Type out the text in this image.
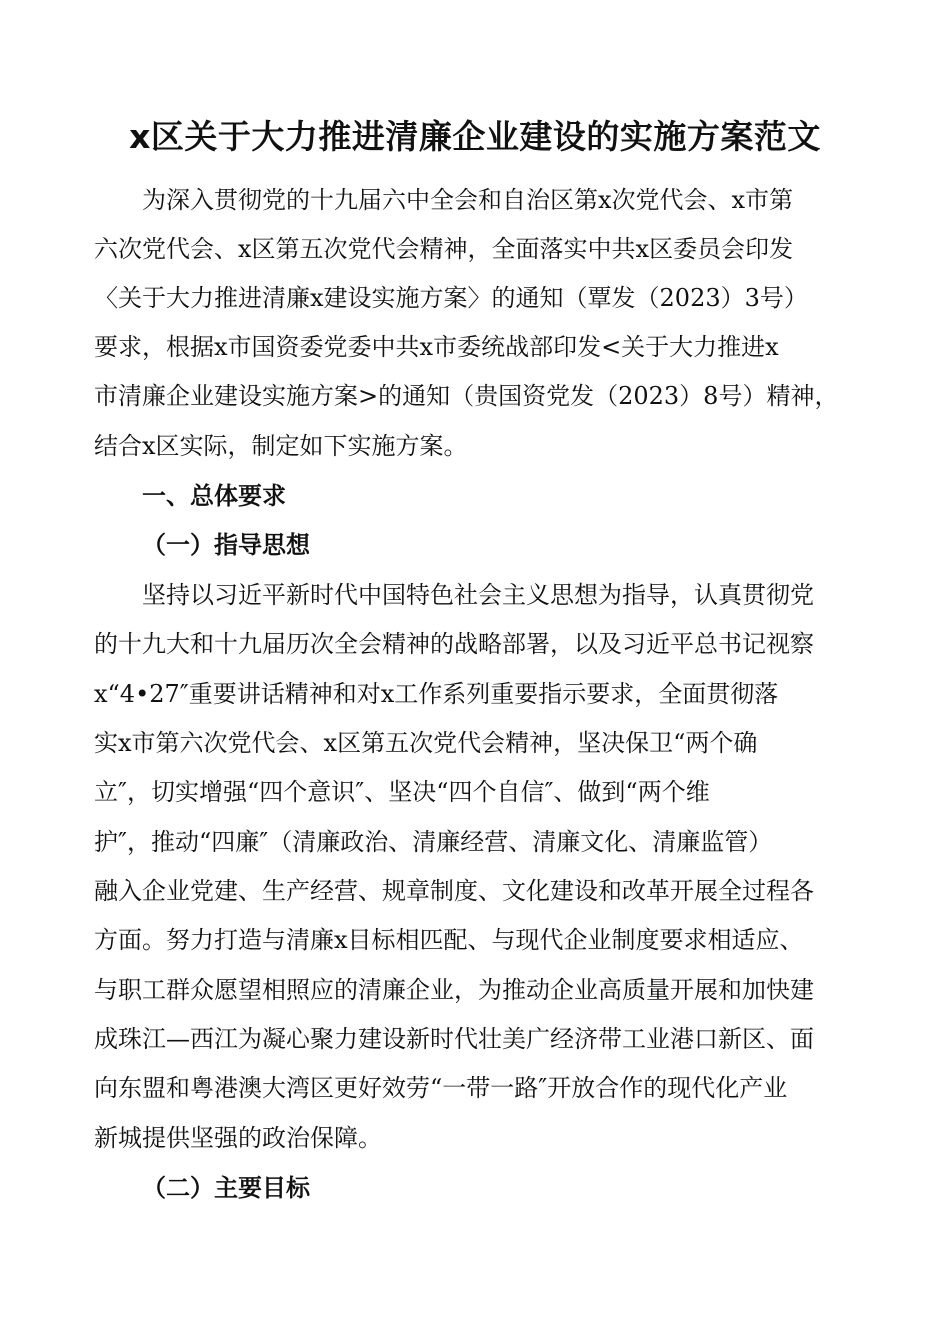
x区关于大力推进清廉企业建设的实施方案范文

为深入贯彻党的十九届六中全会和自治区第x次党代会、x市第

六次党代会、x区第五次党代会精神，全面落实中共x区委员会印发

〈关于大力推进清廉x建设实施方案〉的通知（覃发（2023）3号）

要求，根据x市国资委党委中共x市委统战部印发<关于大力推进x

市清廉企业建设实施方案>的通知（贵国资党发（2023）8号）精神，

结合x区实际，制定如下实施方案。

一、总体要求

（一）指导思想

坚持以习近平新时代中国特色社会主义思想为指导，认真贯彻党

的十九大和十九届历次全会精神的战略部署，以及习近平总书记视察

x“4•27″重要讲话精神和对x工作系列重要指示要求，全面贯彻落

实x市第六次党代会、x区第五次党代会精神，坚决保卫“两个确

立″，切实增强“四个意识″、坚决“四个自信″、做到“两个维

护″，推动“四廉″（清廉政治、清廉经营、清廉文化、清廉监管）

融入企业党建、生产经营、规章制度、文化建设和改革开展全过程各

方面。努力打造与清廉x目标相匹配、与现代企业制度要求相适应、

与职工群众愿望相照应的清廉企业，为推动企业高质量开展和加快建

成珠江—西江为凝心聚力建设新时代壮美广经济带工业港口新区、面

向东盟和粤港澳大湾区更好效劳“一带一路″开放合作的现代化产业

新城提供坚强的政治保障。

（二）主要目标
